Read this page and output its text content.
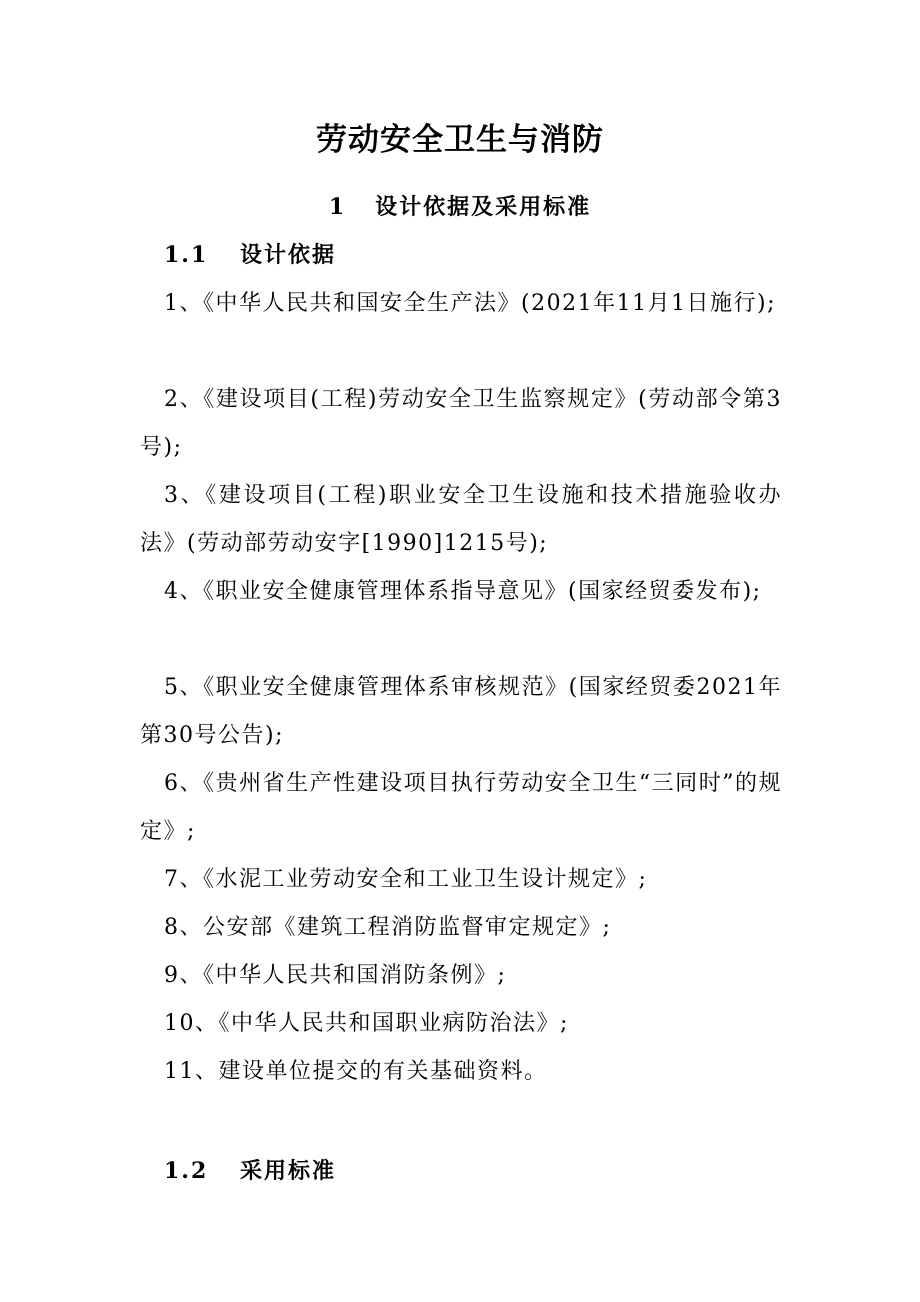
劳动安全卫生与消防
1 设计依据及采用标准
1.1 设计依据

1、《中华人民共和国安全生产法》(2021年11月1日施行);

2、《建设项目(工程)劳动安全卫生监察规定》(劳动部令第3号);

3、《建设项目(工程)职业安全卫生设施和技术措施验收办法》(劳动部劳动安字[1990]1215号);

4、《职业安全健康管理体系指导意见》(国家经贸委发布);

5、《职业安全健康管理体系审核规范》(国家经贸委2021年第30号公告);

6、《贵州省生产性建设项目执行劳动安全卫生“三同时”的规定》;

7、《水泥工业劳动安全和工业卫生设计规定》;

8、公安部《建筑工程消防监督审定规定》;

9、《中华人民共和国消防条例》;

10、《中华人民共和国职业病防治法》;

11、建设单位提交的有关基础资料。

1.2 采用标准
